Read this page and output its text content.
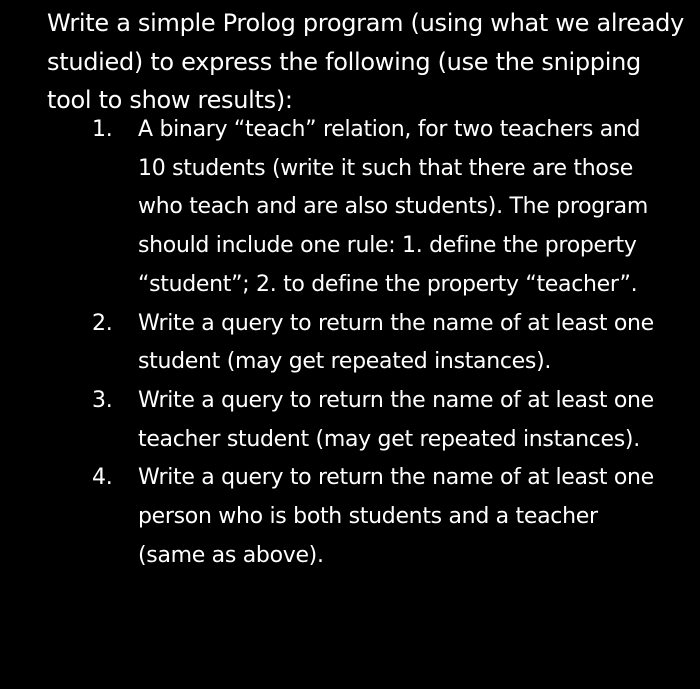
Write a simple Prolog program (using what we already studied) to express the following (use the snipping tool to show results):

1. A binary “teach” relation, for two teachers and 10 students (write it such that there are those who teach and are also students). The program should include one rule: 1. define the property “student”; 2. to define the property “teacher”.
2. Write a query to return the name of at least one student (may get repeated instances).
3. Write a query to return the name of at least one teacher student (may get repeated instances).
4. Write a query to return the name of at least one person who is both students and a teacher (same as above).
